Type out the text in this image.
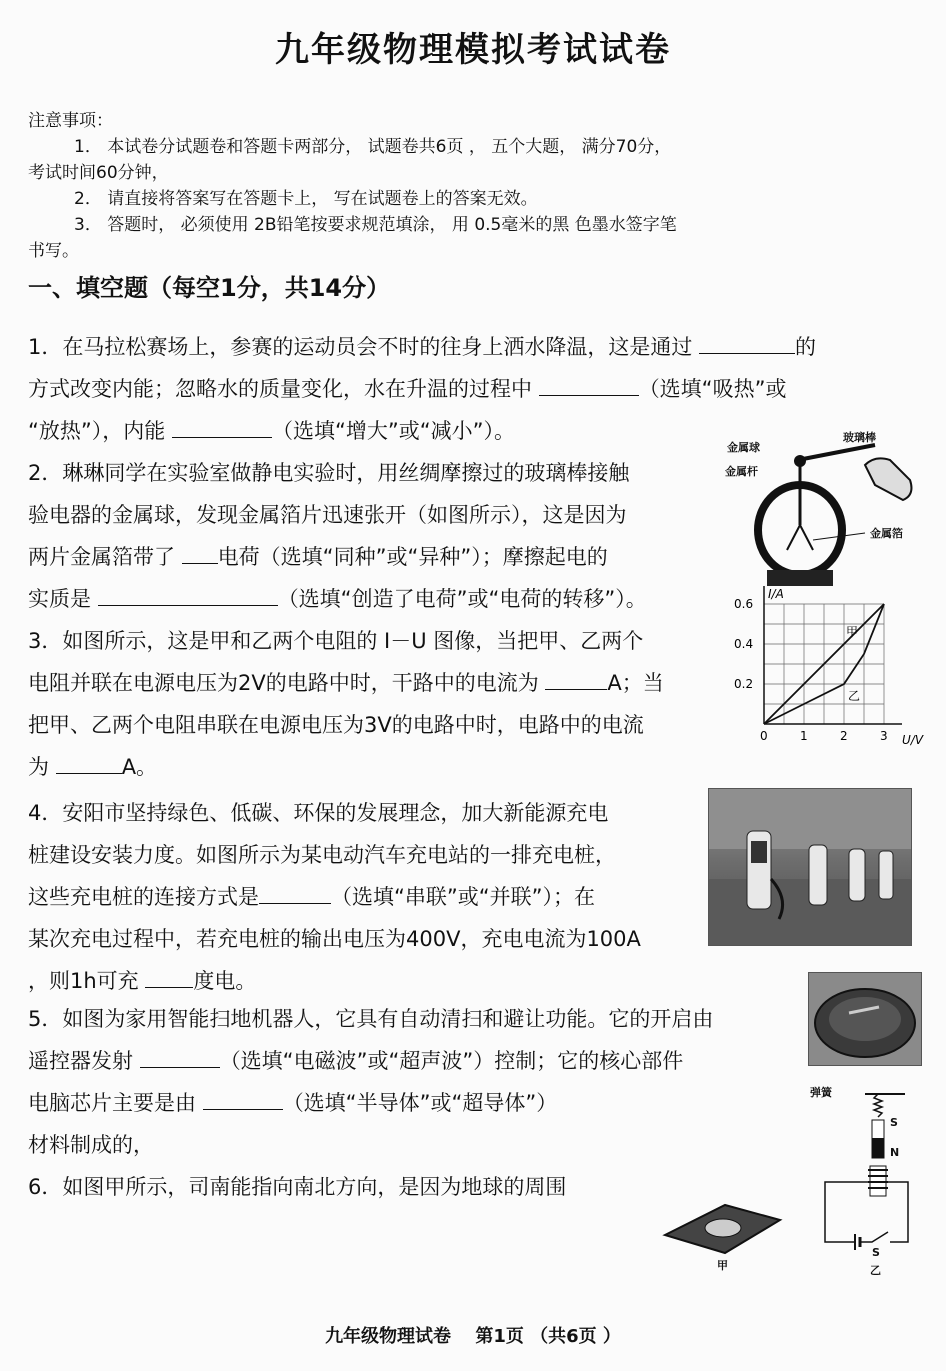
九年级物理模拟考试试卷
注意事项：
1． 本试卷分试题卷和答题卡两部分， 试题卷共6页 ， 五个大题， 满分70分，
考试时间60分钟，
2． 请直接将答案写在答题卡上， 写在试题卷上的答案无效。
3． 答题时， 必须使用 2B铅笔按要求规范填涂， 用 0.5毫米的黑 色墨水签字笔
书写。
一、填空题（每空1分，共14分）
1．在马拉松赛场上，参赛的运动员会不时的往身上洒水降温，这是通过	的
方式改变内能；忽略水的质量变化，水在升温的过程中	（选填“吸热”或
“放热”），内能	（选填“增大”或“减小”）。
2．琳琳同学在实验室做静电实验时，用丝绸摩擦过的玻璃棒接触
验电器的金属球，发现金属箔片迅速张开（如图所示），这是因为
两片金属箔带了 电荷（选填“同种”或“异种”）；摩擦起电的
实质是	（选填“创造了电荷”或“电荷的转移”）。
金属球
金属杆
玻璃棒
金属箔
3．如图所示，这是甲和乙两个电阻的 I－U 图像，当把甲、乙两个
电阻并联在电源电压为2V的电路中时，干路中的电流为	A；当
把甲、乙两个电阻串联在电源电压为3V的电路中时，电路中的电流
为	A。
0	1	2	3
0.2
0.4
0.6
I/A
U/V
甲
乙
4．安阳市坚持绿色、低碳、环保的发展理念，加大新能源充电
桩建设安装力度。如图所示为某电动汽车充电站的一排充电桩，
这些充电桩的连接方式是	（选填“串联”或“并联”）；在
某次充电过程中，若充电桩的输出电压为400V，充电电流为100A
，则1h可充	度电。
5．如图为家用智能扫地机器人，它具有自动清扫和避让功能。它的开启由
遥控器发射	（选填“电磁波”或“超声波”）控制；它的核心部件
电脑芯片主要是由	（选填“半导体”或“超导体”）
材料制成的，
6．如图甲所示，司南能指向南北方向，是因为地球的周围
甲
弹簧
S
N
S
乙
九年级物理试卷　 第1页 （共6页 ）
